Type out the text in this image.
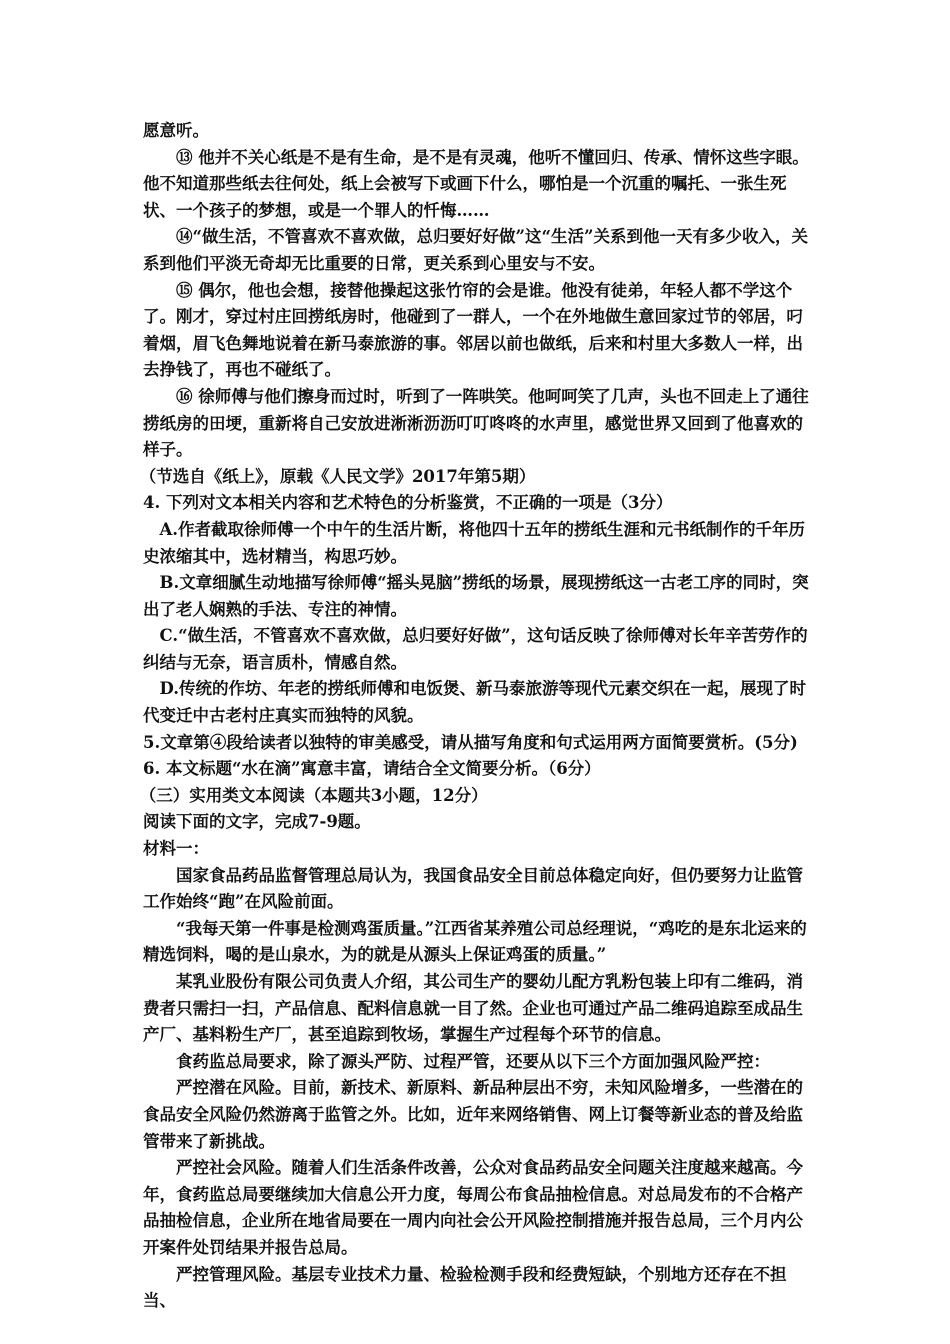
愿意听。

⑬ 他并不关心纸是不是有生命，是不是有灵魂，他听不懂回归、传承、情怀这些字眼。他不知道那些纸去往何处，纸上会被写下或画下什么，哪怕是一个沉重的嘱托、一张生死状、一个孩子的梦想，或是一个罪人的忏悔……

⑭“做生活，不管喜欢不喜欢做，总归要好好做”这“生活”关系到他一天有多少收入，关系到他们平淡无奇却无比重要的日常，更关系到心里安与不安。

⑮ 偶尔，他也会想，接替他操起这张竹帘的会是谁。他没有徒弟，年轻人都不学这个了。刚才，穿过村庄回捞纸房时，他碰到了一群人，一个在外地做生意回家过节的邻居，叼着烟，眉飞色舞地说着在新马泰旅游的事。邻居以前也做纸，后来和村里大多数人一样，出去挣钱了，再也不碰纸了。

⑯ 徐师傅与他们擦身而过时，听到了一阵哄笑。他呵呵笑了几声，头也不回走上了通往捞纸房的田埂，重新将自己安放进淅淅沥沥叮叮咚咚的水声里，感觉世界又回到了他喜欢的样子。

（节选自《纸上》，原载《人民文学》2017年第5期）

4. 下列对文本相关内容和艺术特色的分析鉴赏，不正确的一项是（3分）

A.作者截取徐师傅一个中午的生活片断，将他四十五年的捞纸生涯和元书纸制作的千年历史浓缩其中，选材精当，构思巧妙。

B.文章细腻生动地描写徐师傅“摇头晃脑”捞纸的场景，展现捞纸这一古老工序的同时，突出了老人娴熟的手法、专注的神情。

C.“做生活，不管喜欢不喜欢做，总归要好好做”，这句话反映了徐师傅对长年辛苦劳作的纠结与无奈，语言质朴，情感自然。

D.传统的作坊、年老的捞纸师傅和电饭煲、新马泰旅游等现代元素交织在一起，展现了时代变迁中古老村庄真实而独特的风貌。

5.文章第④段给读者以独特的审美感受，请从描写角度和句式运用两方面简要赏析。(5分)

6. 本文标题“水在滴”寓意丰富，请结合全文简要分析。（6分）

（三）实用类文本阅读（本题共3小题，12分）

阅读下面的文字，完成7-9题。

材料一：

国家食品药品监督管理总局认为，我国食品安全目前总体稳定向好，但仍要努力让监管工作始终“跑”在风险前面。

“我每天第一件事是检测鸡蛋质量。”江西省某养殖公司总经理说，“鸡吃的是东北运来的精选饲料，喝的是山泉水，为的就是从源头上保证鸡蛋的质量。”

某乳业股份有限公司负责人介绍，其公司生产的婴幼儿配方乳粉包装上印有二维码，消费者只需扫一扫，产品信息、配料信息就一目了然。企业也可通过产品二维码追踪至成品生产厂、基料粉生产厂，甚至追踪到牧场，掌握生产过程每个环节的信息。

食药监总局要求，除了源头严防、过程严管，还要从以下三个方面加强风险严控：

严控潜在风险。目前，新技术、新原料、新品种层出不穷，未知风险增多，一些潜在的食品安全风险仍然游离于监管之外。比如，近年来网络销售、网上订餐等新业态的普及给监管带来了新挑战。

严控社会风险。随着人们生活条件改善，公众对食品药品安全问题关注度越来越高。今年，食药监总局要继续加大信息公开力度，每周公布食品抽检信息。对总局发布的不合格产品抽检信息，企业所在地省局要在一周内向社会公开风险控制措施并报告总局，三个月内公开案件处罚结果并报告总局。

严控管理风险。基层专业技术力量、检验检测手段和经费短缺，个别地方还存在不担当、
